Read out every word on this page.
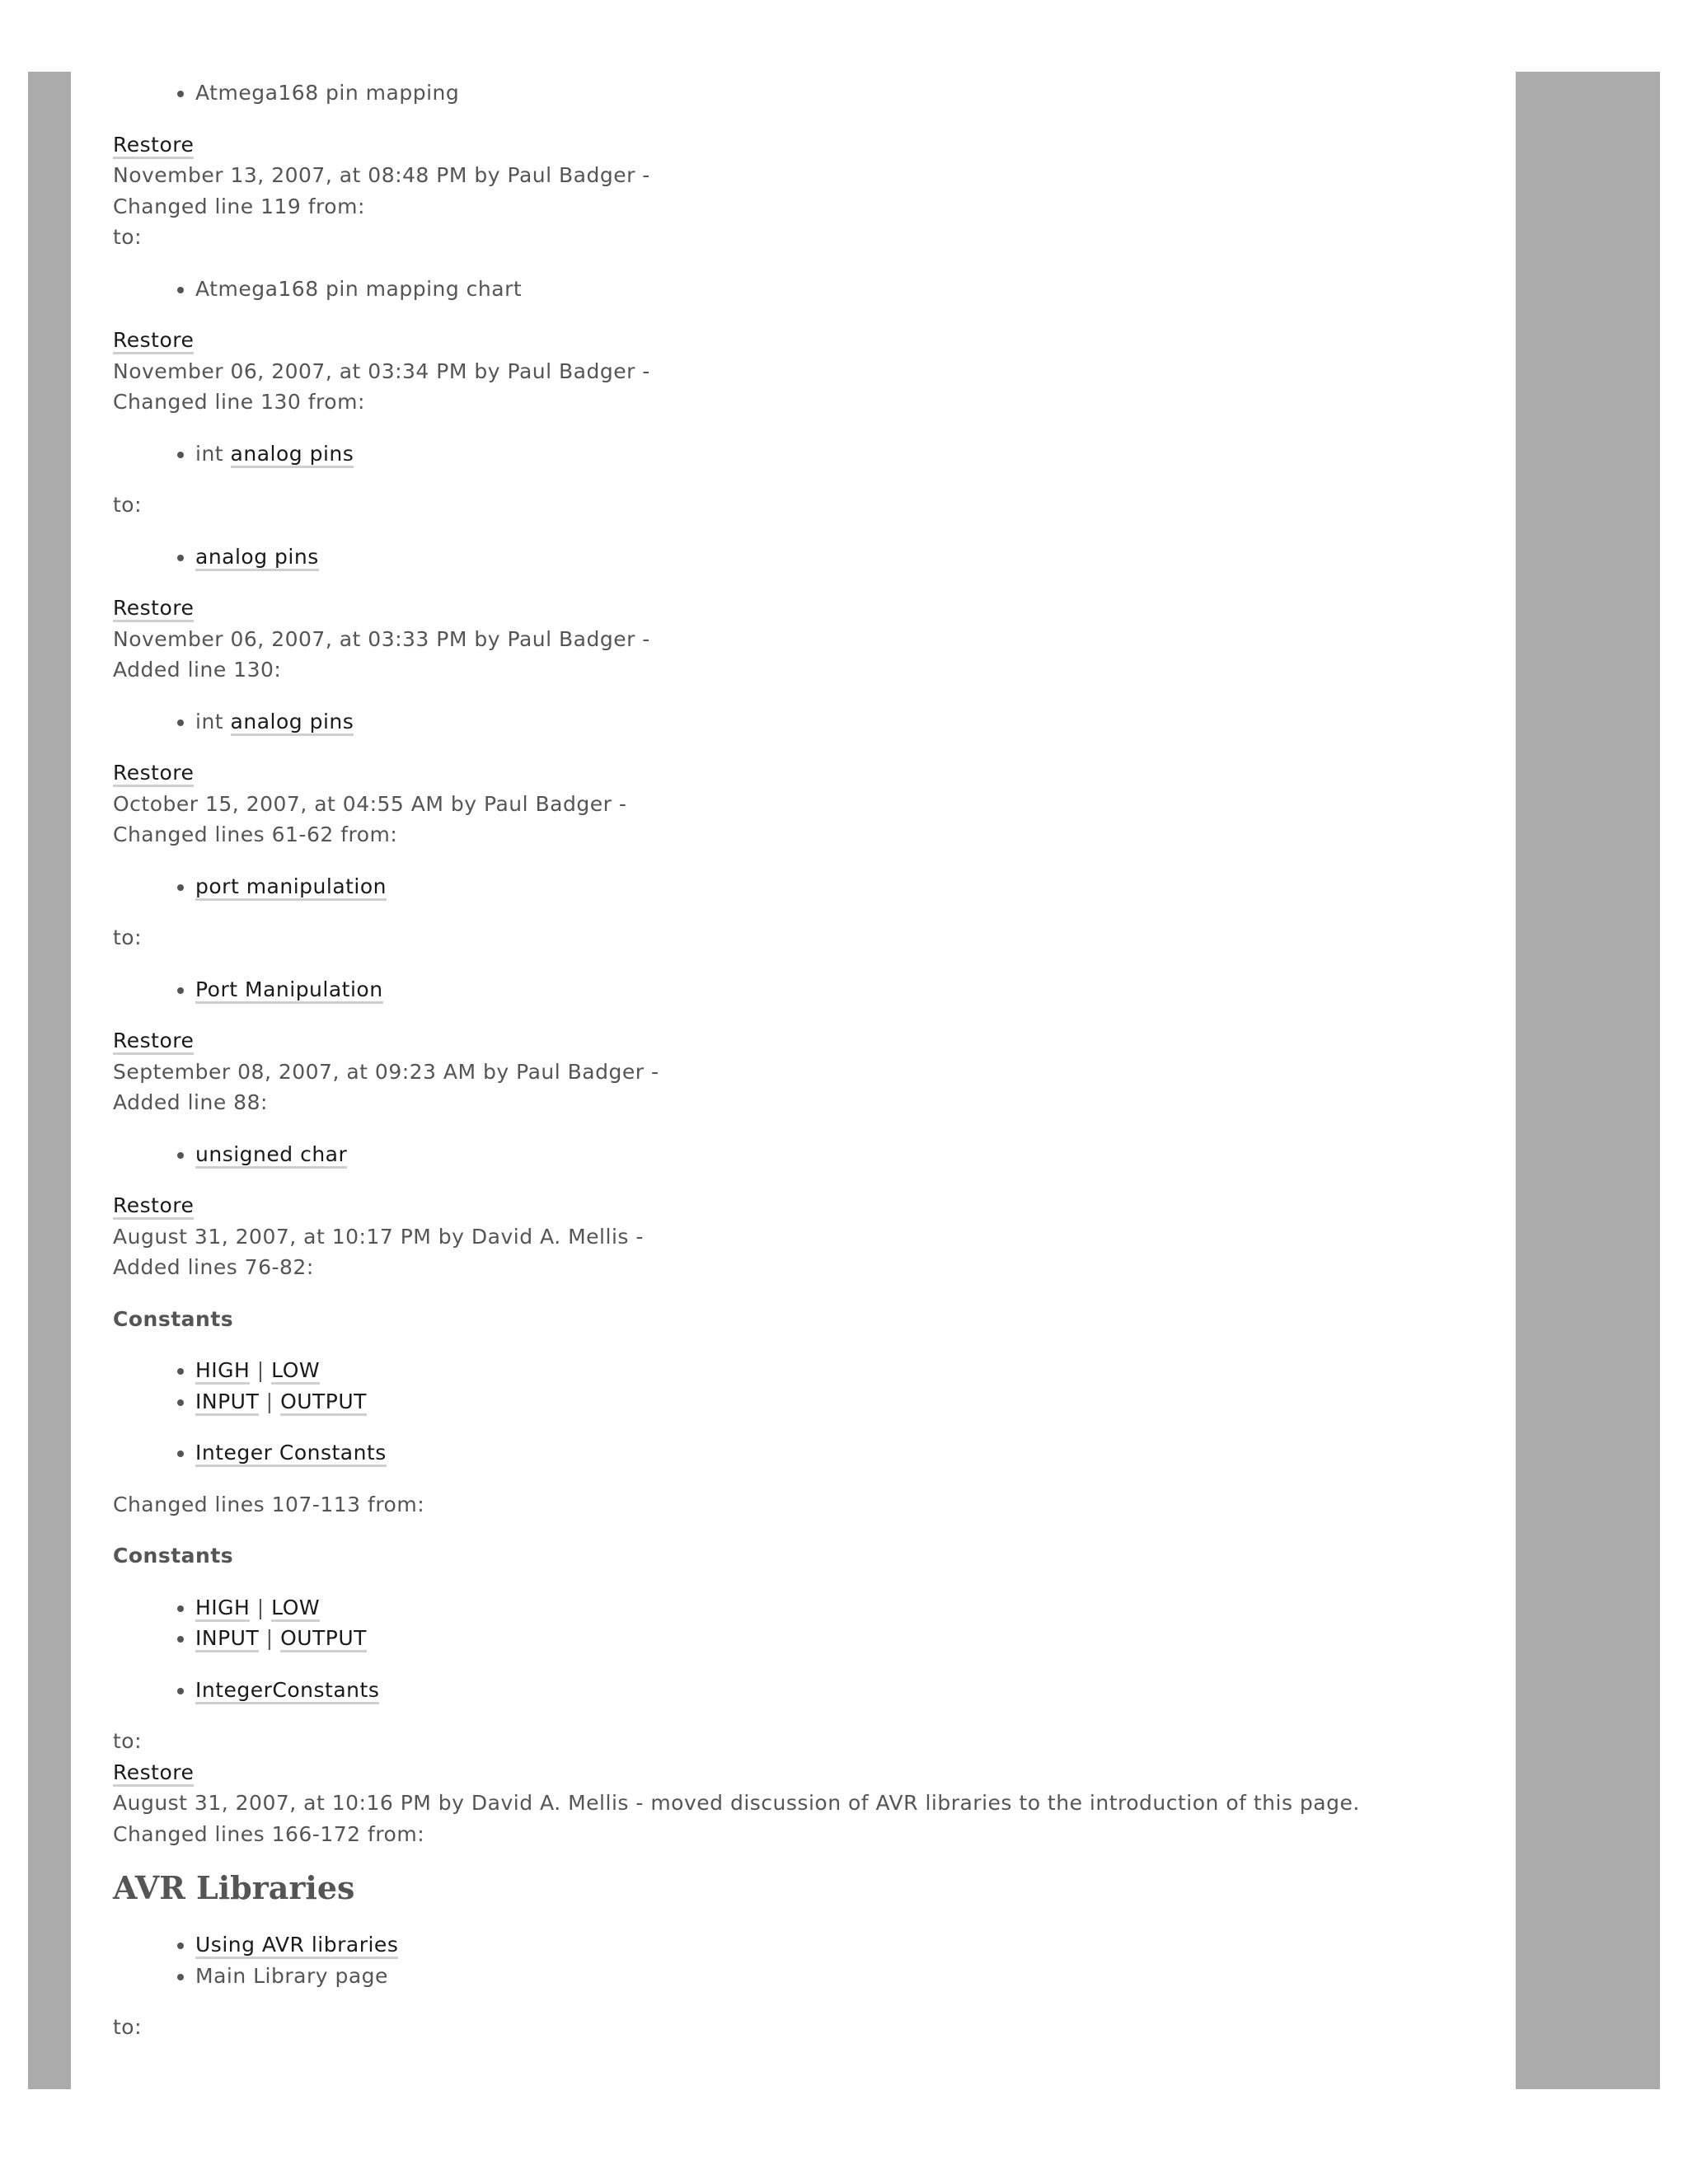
• Atmega168 pin mapping

Restore

November 13, 2007, at 08:48 PM by Paul Badger -

Changed line 119 from:

to:

• Atmega168 pin mapping chart

Restore

November 06, 2007, at 03:34 PM by Paul Badger -

Changed line 130 from:

• int analog pins

to:

• analog pins

Restore

November 06, 2007, at 03:33 PM by Paul Badger -

Added line 130:

• int analog pins

Restore

October 15, 2007, at 04:55 AM by Paul Badger -

Changed lines 61-62 from:

• port manipulation

to:

• Port Manipulation

Restore

September 08, 2007, at 09:23 AM by Paul Badger -

Added line 88:

• unsigned char

Restore

August 31, 2007, at 10:17 PM by David A. Mellis -

Added lines 76-82:

Constants

• HIGH | LOW
• INPUT | OUTPUT
• Integer Constants

Changed lines 107-113 from:

Constants

• HIGH | LOW
• INPUT | OUTPUT
• IntegerConstants

to:

Restore

August 31, 2007, at 10:16 PM by David A. Mellis - moved discussion of AVR libraries to the introduction of this page.

Changed lines 166-172 from:

AVR Libraries
• Using AVR libraries
• Main Library page

to:
